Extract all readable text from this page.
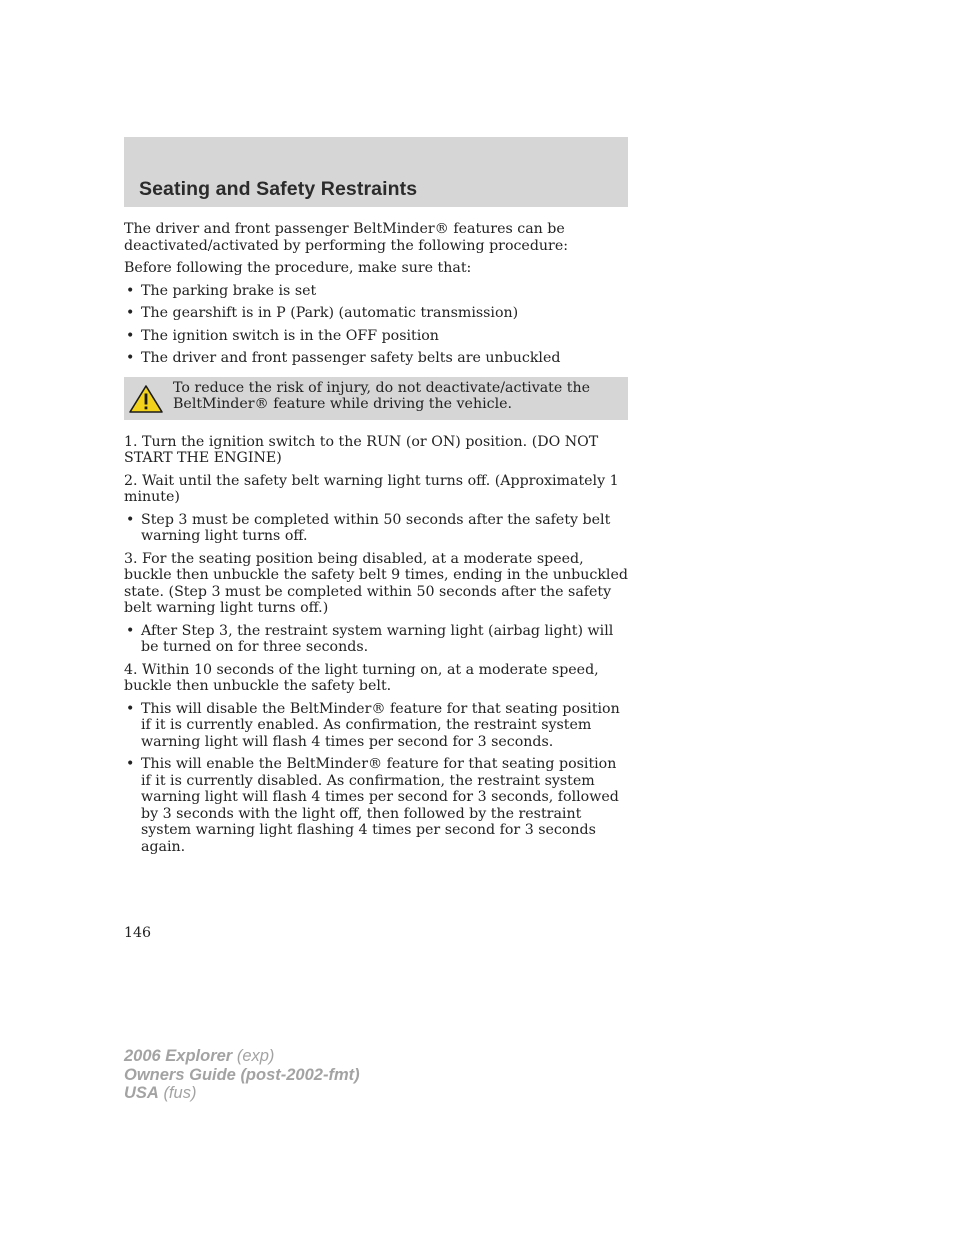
Seating and Safety Restraints

The driver and front passenger BeltMinder® features can be deactivated/activated by performing the following procedure:

Before following the procedure, make sure that:

• The parking brake is set
• The gearshift is in P (Park) (automatic transmission)
• The ignition switch is in the OFF position
• The driver and front passenger safety belts are unbuckled

To reduce the risk of injury, do not deactivate/activate the BeltMinder® feature while driving the vehicle.

1. Turn the ignition switch to the RUN (or ON) position. (DO NOT START THE ENGINE)

2. Wait until the safety belt warning light turns off. (Approximately 1 minute)

• Step 3 must be completed within 50 seconds after the safety belt warning light turns off.

3. For the seating position being disabled, at a moderate speed, buckle then unbuckle the safety belt 9 times, ending in the unbuckled state. (Step 3 must be completed within 50 seconds after the safety belt warning light turns off.)

• After Step 3, the restraint system warning light (airbag light) will be turned on for three seconds.

4. Within 10 seconds of the light turning on, at a moderate speed, buckle then unbuckle the safety belt.

• This will disable the BeltMinder® feature for that seating position if it is currently enabled. As confirmation, the restraint system warning light will flash 4 times per second for 3 seconds.
• This will enable the BeltMinder® feature for that seating position if it is currently disabled. As confirmation, the restraint system warning light will flash 4 times per second for 3 seconds, followed by 3 seconds with the light off, then followed by the restraint system warning light flashing 4 times per second for 3 seconds again.

146

2006 Explorer (exp)
Owners Guide (post-2002-fmt)
USA (fus)
